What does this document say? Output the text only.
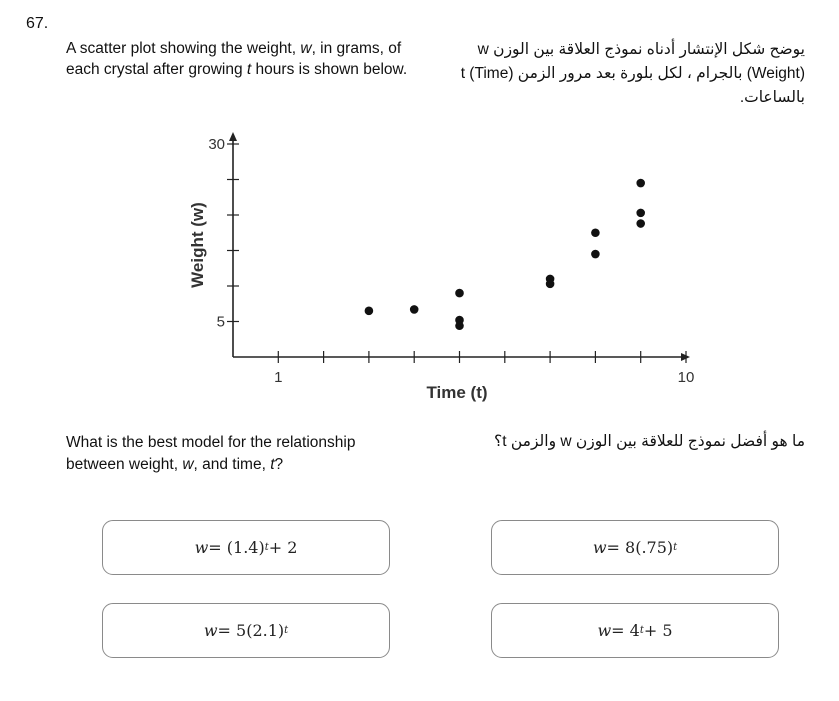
67.
A scatter plot showing the weight, w, in grams, of each crystal after growing t hours is shown below.
يوضح شكل الإنتشار أدناه نموذج العلاقة بين الوزن w (Weight) بالجرام ، لكل بلورة بعد مرور الزمن t (Time) بالساعات.
1	10
5
30
Time (t)
Weight (w)
What is the best model for the relationship between weight, w, and time, t?
ما هو أفضل نموذج للعلاقة بين الوزن w والزمن t؟
w = (1.4) t + 2	w = 8(.75) t
w = 5(2.1) t	w = 4 t + 5
